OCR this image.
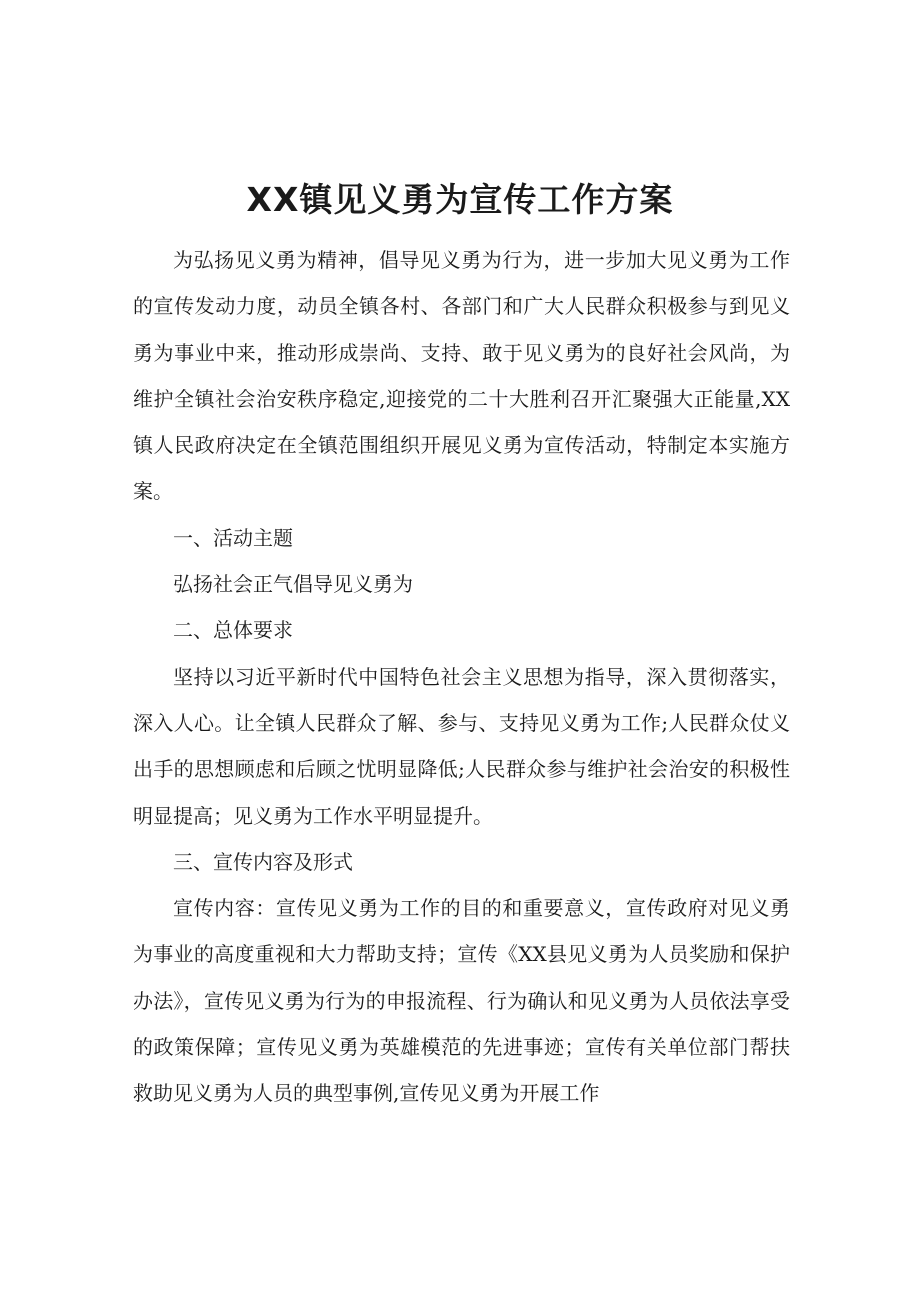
XX镇见义勇为宣传工作方案

为弘扬见义勇为精神，倡导见义勇为行为，进一步加大见义勇为工作的宣传发动力度，动员全镇各村、各部门和广大人民群众积极参与到见义勇为事业中来，推动形成崇尚、支持、敢于见义勇为的良好社会风尚，为维护全镇社会治安秩序稳定,迎接党的二十大胜利召开汇聚强大正能量,XX镇人民政府决定在全镇范围组织开展见义勇为宣传活动，特制定本实施方案。

一、活动主题

弘扬社会正气倡导见义勇为

二、总体要求

坚持以习近平新时代中国特色社会主义思想为指导，深入贯彻落实，深入人心。让全镇人民群众了解、参与、支持见义勇为工作;人民群众仗义出手的思想顾虑和后顾之忧明显降低;人民群众参与维护社会治安的积极性明显提高；见义勇为工作水平明显提升。

三、宣传内容及形式

宣传内容：宣传见义勇为工作的目的和重要意义，宣传政府对见义勇为事业的高度重视和大力帮助支持；宣传《XX县见义勇为人员奖励和保护办法》，宣传见义勇为行为的申报流程、行为确认和见义勇为人员依法享受的政策保障；宣传见义勇为英雄模范的先进事迹；宣传有关单位部门帮扶救助见义勇为人员的典型事例,宣传见义勇为开展工作
